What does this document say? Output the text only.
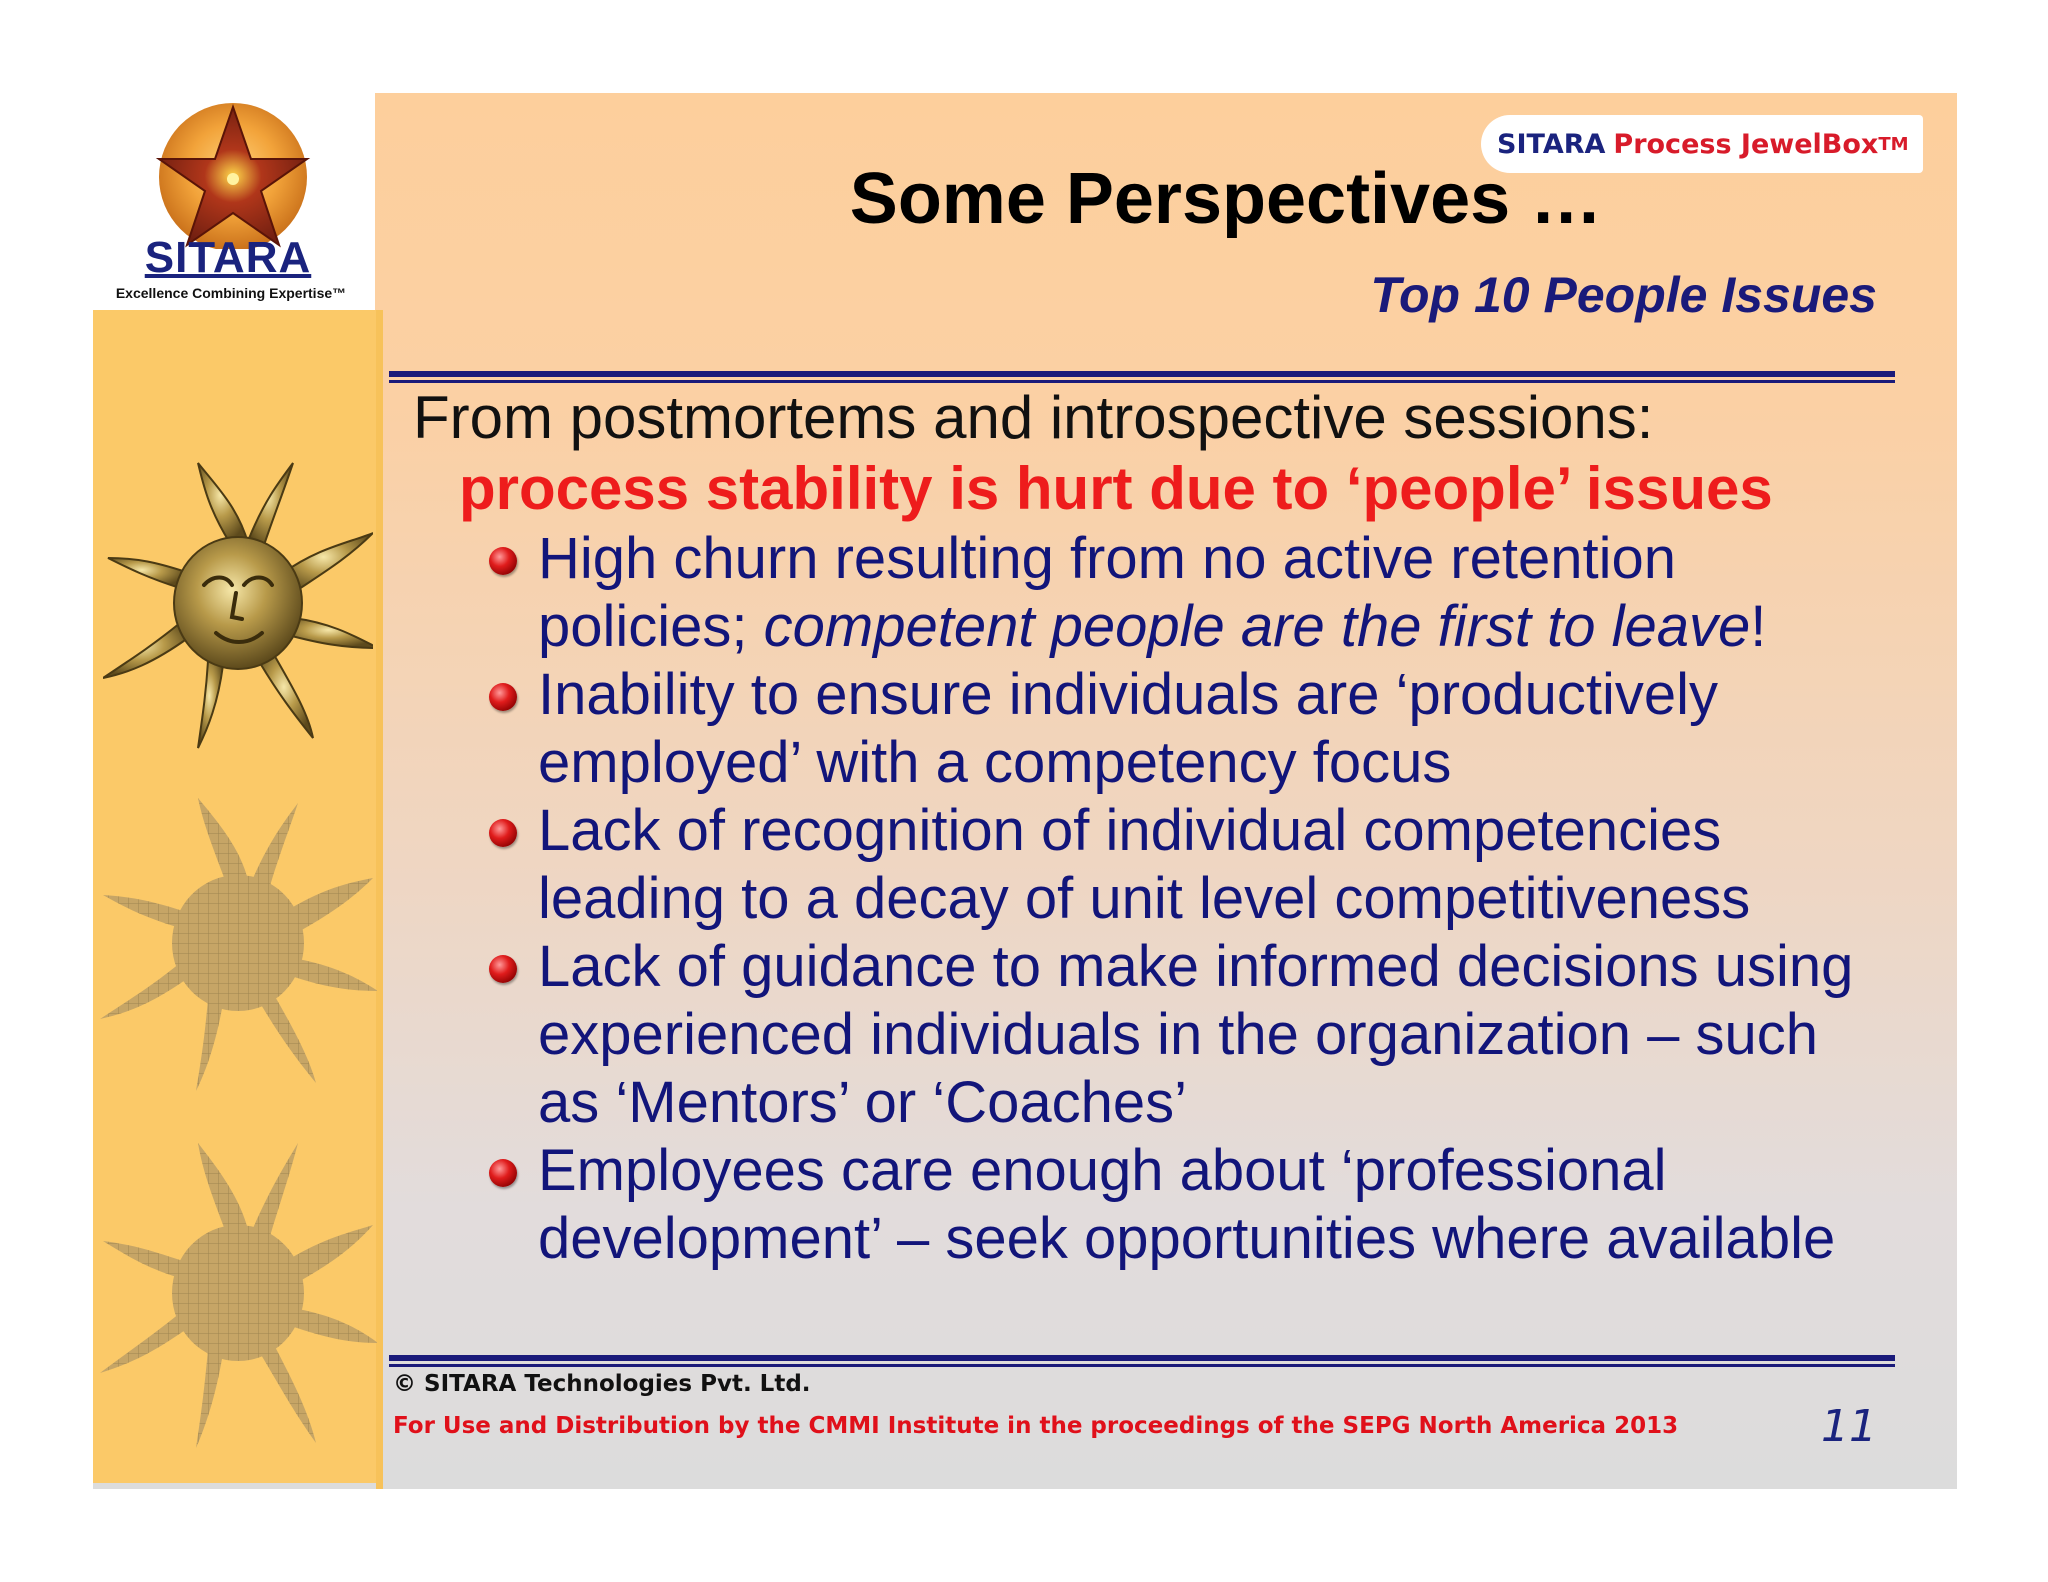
SITARA
Excellence Combining Expertise™
SITARA Process JewelBox TM
Some Perspectives …
Top 10 People Issues
From postmortems and introspective sessions:
process stability is hurt due to ‘people’ issues
High churn resulting from no active retention policies; competent people are the first to leave!
Inability to ensure individuals are ‘productively employed’ with a competency focus
Lack of recognition of individual competencies leading to a decay of unit level competitiveness
Lack of guidance to make informed decisions using experienced individuals in the organization – such as ‘Mentors’ or ‘Coaches’
Employees care enough about ‘professional development’ – seek opportunities where available
© SITARA Technologies Pvt. Ltd.
For Use and Distribution by the CMMI Institute in the proceedings of the SEPG North America 2013	11
